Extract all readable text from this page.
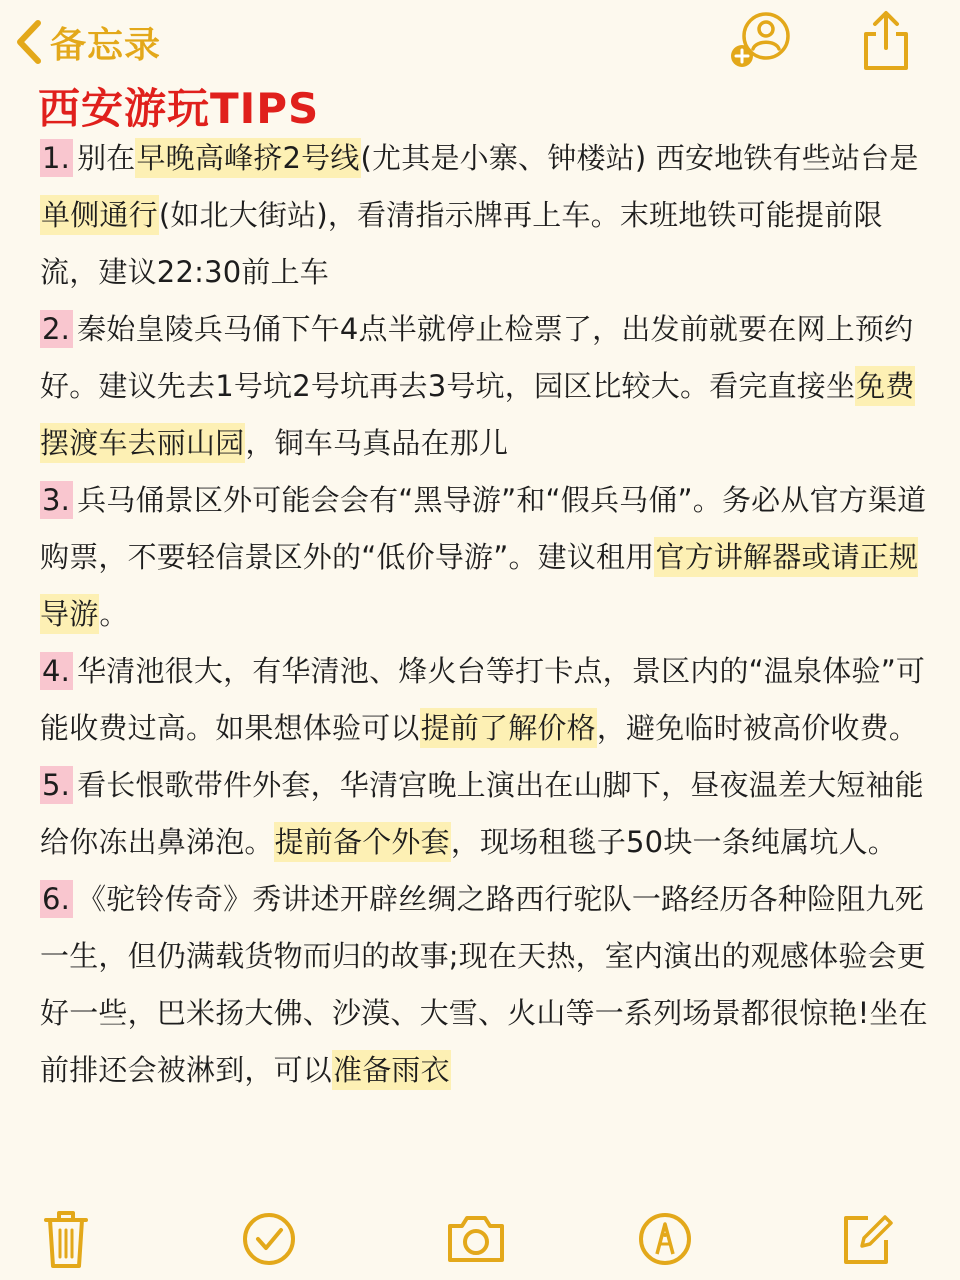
备忘录
西安游玩TIPS

1. 别在早晚高峰挤2号线(尤其是小寨、钟楼站) 西安地铁有些站台是单侧通行(如北大街站)，看清指示牌再上车。末班地铁可能提前限流，建议22:30前上车

2. 秦始皇陵兵马俑下午4点半就停止检票了，出发前就要在网上预约好。建议先去1号坑2号坑再去3号坑，园区比较大。看完直接坐免费摆渡车去丽山园，铜车马真品在那儿

3. 兵马俑景区外可能会会有“黑导游”和“假兵马俑”。务必从官方渠道购票，不要轻信景区外的“低价导游”。建议租用官方讲解器或请正规导游。

4. 华清池很大，有华清池、烽火台等打卡点，景区内的“温泉体验”可能收费过高。如果想体验可以提前了解价格，避免临时被高价收费。

5. 看长恨歌带件外套，华清宫晚上演出在山脚下，昼夜温差大短袖能给你冻出鼻涕泡。提前备个外套，现场租毯子50块一条纯属坑人。

6. 《驼铃传奇》秀讲述开辟丝绸之路西行驼队一路经历各种险阻九死一生，但仍满载货物而归的故事;现在天热，室内演出的观感体验会更好一些，巴米扬大佛、沙漠、大雪、火山等一系列场景都很惊艳!坐在前排还会被淋到，可以准备雨衣
